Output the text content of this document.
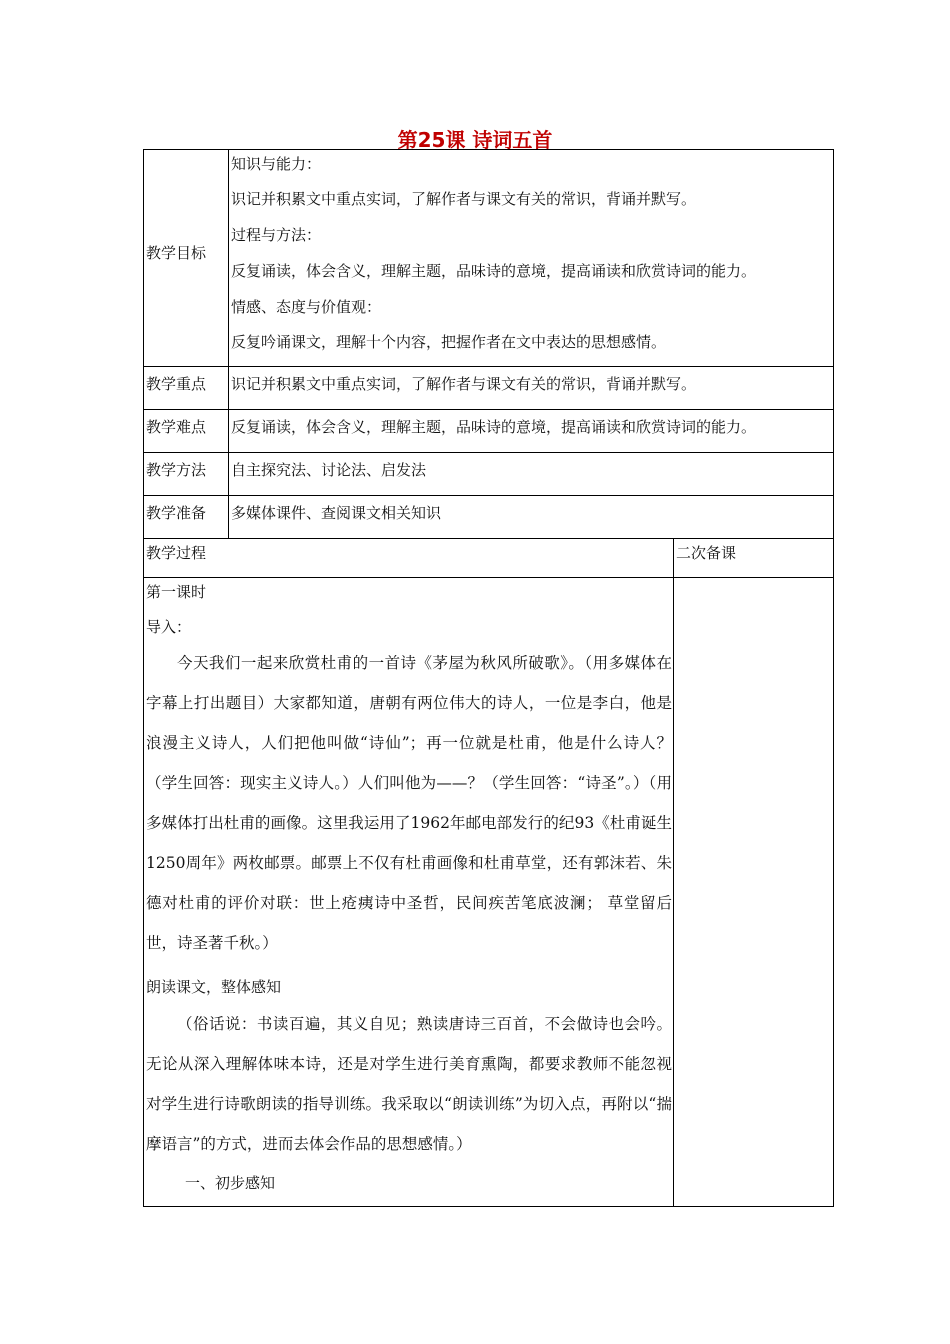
第25课 诗词五首
教学目标
知识与能力：
识记并积累文中重点实词，了解作者与课文有关的常识，背诵并默写。
过程与方法：
反复诵读，体会含义，理解主题，品味诗的意境，提高诵读和欣赏诗词的能力。
情感、态度与价值观：
反复吟诵课文，理解十个内容，把握作者在文中表达的思想感情。
教学重点 识记并积累文中重点实词，了解作者与课文有关的常识，背诵并默写。
教学难点 反复诵读，体会含义，理解主题，品味诗的意境，提高诵读和欣赏诗词的能力。
教学方法 自主探究法、讨论法、启发法
教学准备 多媒体课件、查阅课文相关知识
教学过程	二次备课
第一课时
导入：
今天我们一起来欣赏杜甫的一首诗《茅屋为秋风所破歌》。（用多媒体在字幕上打出题目）大家都知道，唐朝有两位伟大的诗人，一位是李白，他是浪漫主义诗人，人们把他叫做“诗仙”；再一位就是杜甫，他是什么诗人？（学生回答：现实主义诗人。）人们叫他为——？（学生回答：“诗圣”。）（用多媒体打出杜甫的画像。这里我运用了1962年邮电部发行的纪93《杜甫诞生1250周年》两枚邮票。邮票上不仅有杜甫画像和杜甫草堂，还有郭沫若、朱德对杜甫的评价对联：世上疮痍诗中圣哲，民间疾苦笔底波澜； 草堂留后世，诗圣著千秋。）
朗读课文，整体感知
（俗话说：书读百遍，其义自见；熟读唐诗三百首，不会做诗也会吟。无论从深入理解体味本诗，还是对学生进行美育熏陶，都要求教师不能忽视对学生进行诗歌朗读的指导训练。我采取以“朗读训练”为切入点，再附以“揣摩语言”的方式，进而去体会作品的思想感情。）
一、初步感知
